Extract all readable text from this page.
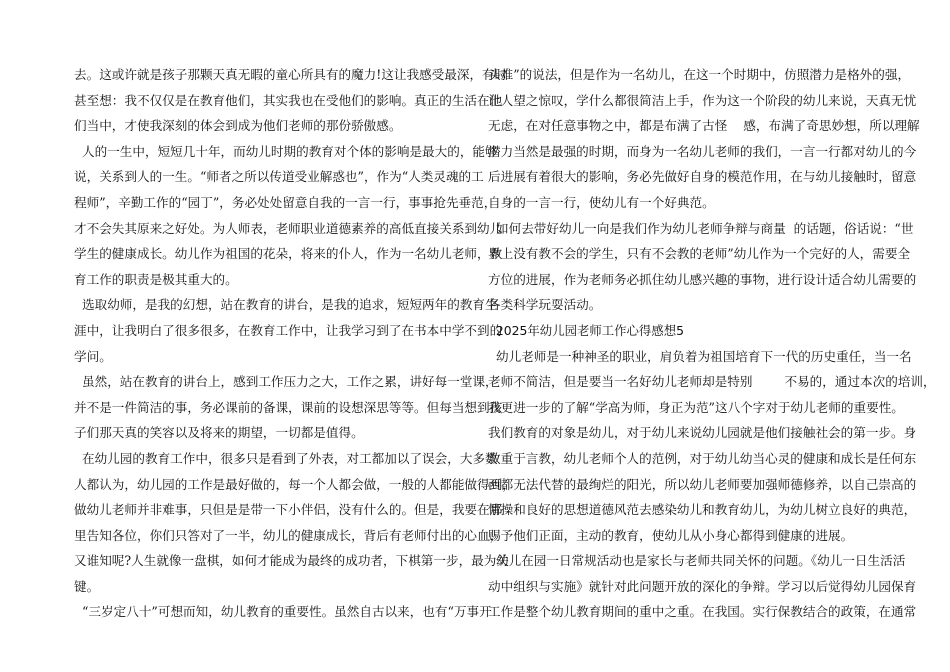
去。这或许就是孩子那颗天真无暇的童心所具有的魔力!这让我感受最深，有时
甚至想：我不仅仅是在教育他们，其实我也在受他们的影响。真正的生活在他
们当中，才使我深刻的体会到成为他们老师的那份骄傲感。
人的一生中，短短几十年，而幼儿时期的教育对个体的影响是最大的，能够
说，关系到人的一生。“师者之所以传道受业解惑也”，作为“人类灵魂的工
程师”，辛勤工作的“园丁”，务必处处留意自我的一言一行，事事抢先垂范，
才不会失其原来之好处。为人师表，老师职业道德素养的高低直接关系到幼儿
学生的健康成长。幼儿作为祖国的花朵，将来的仆人，作为一名幼儿老师，教
育工作的职责是极其重大的。
选取幼师，是我的幻想，站在教育的讲台，是我的追求，短短两年的教育生
涯中，让我明白了很多很多，在教育工作中，让我学习到了在书本中学不到的
学问。
虽然，站在教育的讲台上，感到工作压力之大，工作之累，讲好每一堂课，
并不是一件简洁的事，务必课前的备课，课前的设想深思等等。但每当想到孩
子们那天真的笑容以及将来的期望，一切都是值得。
在幼儿园的教育工作中，很多只是看到了外表，对工都加以了误会，大多数
人都认为，幼儿园的工作是最好做的，每一个人都会做，一般的人都能做得到，
做幼儿老师并非难事，只但是是带一下小伴侣，没有什么的。但是，我要在那
里告知各位，你们只答对了一半，幼儿的健康成长，背后有老师付出的心血，
又谁知呢?人生就像一盘棋，如何才能成为最终的成功者，下棋第一步，最为关
键。
“三岁定八十”可想而知，幼儿教育的重要性。虽然自古以来，也有“万事开
头难”的说法，但是作为一名幼儿，在这一个时期中，仿照潜力是格外的强，
让人望之惊叹，学什么都很简洁上手，作为这一个阶段的幼儿来说，天真无忧
无虑，在对任意事物之中，都是布满了古怪    感，布满了奇思妙想，所以理解
潜力当然是最强的时期，而身为一名幼儿老师的我们，一言一行都对幼儿的今
后进展有着很大的影响，务必先做好自身的模范作用，在与幼儿接触时，留意
自身的一言一行，使幼儿有一个好典范。
如何去带好幼儿一向是我们作为幼儿老师争辩与商量  的话题，俗话说：“世
界上没有教不会的学生，只有不会教的老师”幼儿作为一个完好的人，需要全
方位的进展，作为老师务必抓住幼儿感兴趣的事物，进行设计适合幼儿需要的
各类科学玩耍活动。
2025年幼儿园老师工作心得感想5
幼儿老师是一种神圣的职业，肩负着为祖国培育下一代的历史重任，当一名
老师不简洁，但是要当一名好幼儿老师却是特别        不易的，通过本次的培训，
我更进一步的了解“学高为师，身正为范”这八个字对于幼儿老师的重要性。
我们教育的对象是幼儿，对于幼儿来说幼儿园就是他们接触社会的第一步。身
教重于言教，幼儿老师个人的范例，对于幼儿幼当心灵的健康和成长是任何东
西都无法代替的最绚烂的阳光，所以幼儿老师要加强师德修养，以自己崇高的
情操和良好的思想道德风范去感染幼儿和教育幼儿，为幼儿树立良好的典范，
赐予他们正面，主动的教育，使幼儿从小身心都得到健康的进展。
幼儿在园一日常规活动也是家长与老师共同关怀的问题。《幼儿一日生活活
动中组织与实施》就针对此问题开放的深化的争辩。学习以后觉得幼儿园保育
工作是整个幼儿教育期间的重中之重。在我国。实行保教结合的政策，在通常
